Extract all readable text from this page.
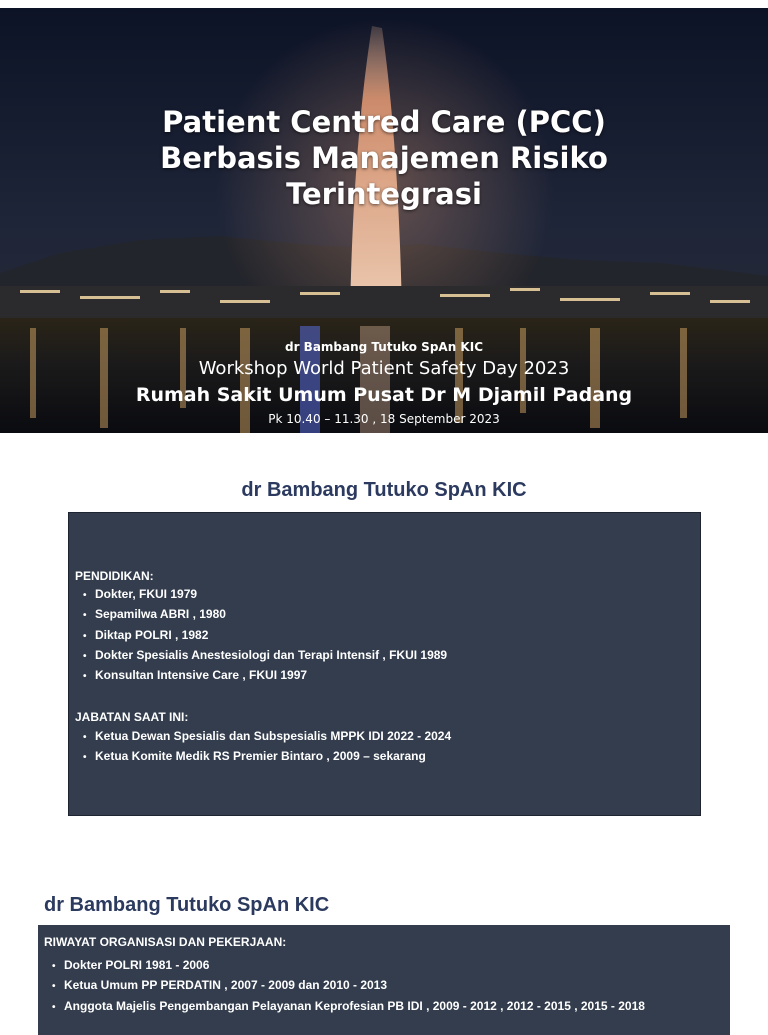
Patient Centred Care (PCC)
Berbasis Manajemen Risiko
Terintegrasi
dr Bambang Tutuko SpAn KIC
Workshop World Patient Safety Day 2023
Rumah Sakit Umum Pusat Dr M Djamil Padang
Pk 10.40 – 11.30 , 18 September 2023
dr Bambang Tutuko SpAn KIC
PENDIDIKAN:
• Dokter, FKUI 1979
• Sepamilwa ABRI , 1980
• Diktap POLRI , 1982
• Dokter Spesialis Anestesiologi dan Terapi Intensif , FKUI 1989
• Konsultan Intensive Care , FKUI 1997
JABATAN SAAT INI:
• Ketua Dewan Spesialis dan Subspesialis MPPK IDI 2022 - 2024
• Ketua Komite Medik RS Premier Bintaro , 2009 – sekarang
dr Bambang Tutuko SpAn KIC
RIWAYAT ORGANISASI DAN PEKERJAAN:
• Dokter POLRI 1981 - 2006
• Ketua Umum PP PERDATIN , 2007 - 2009 dan 2010 - 2013
• Anggota Majelis Pengembangan Pelayanan Keprofesian PB IDI , 2009 - 2012 , 2012 - 2015 , 2015 - 2018
